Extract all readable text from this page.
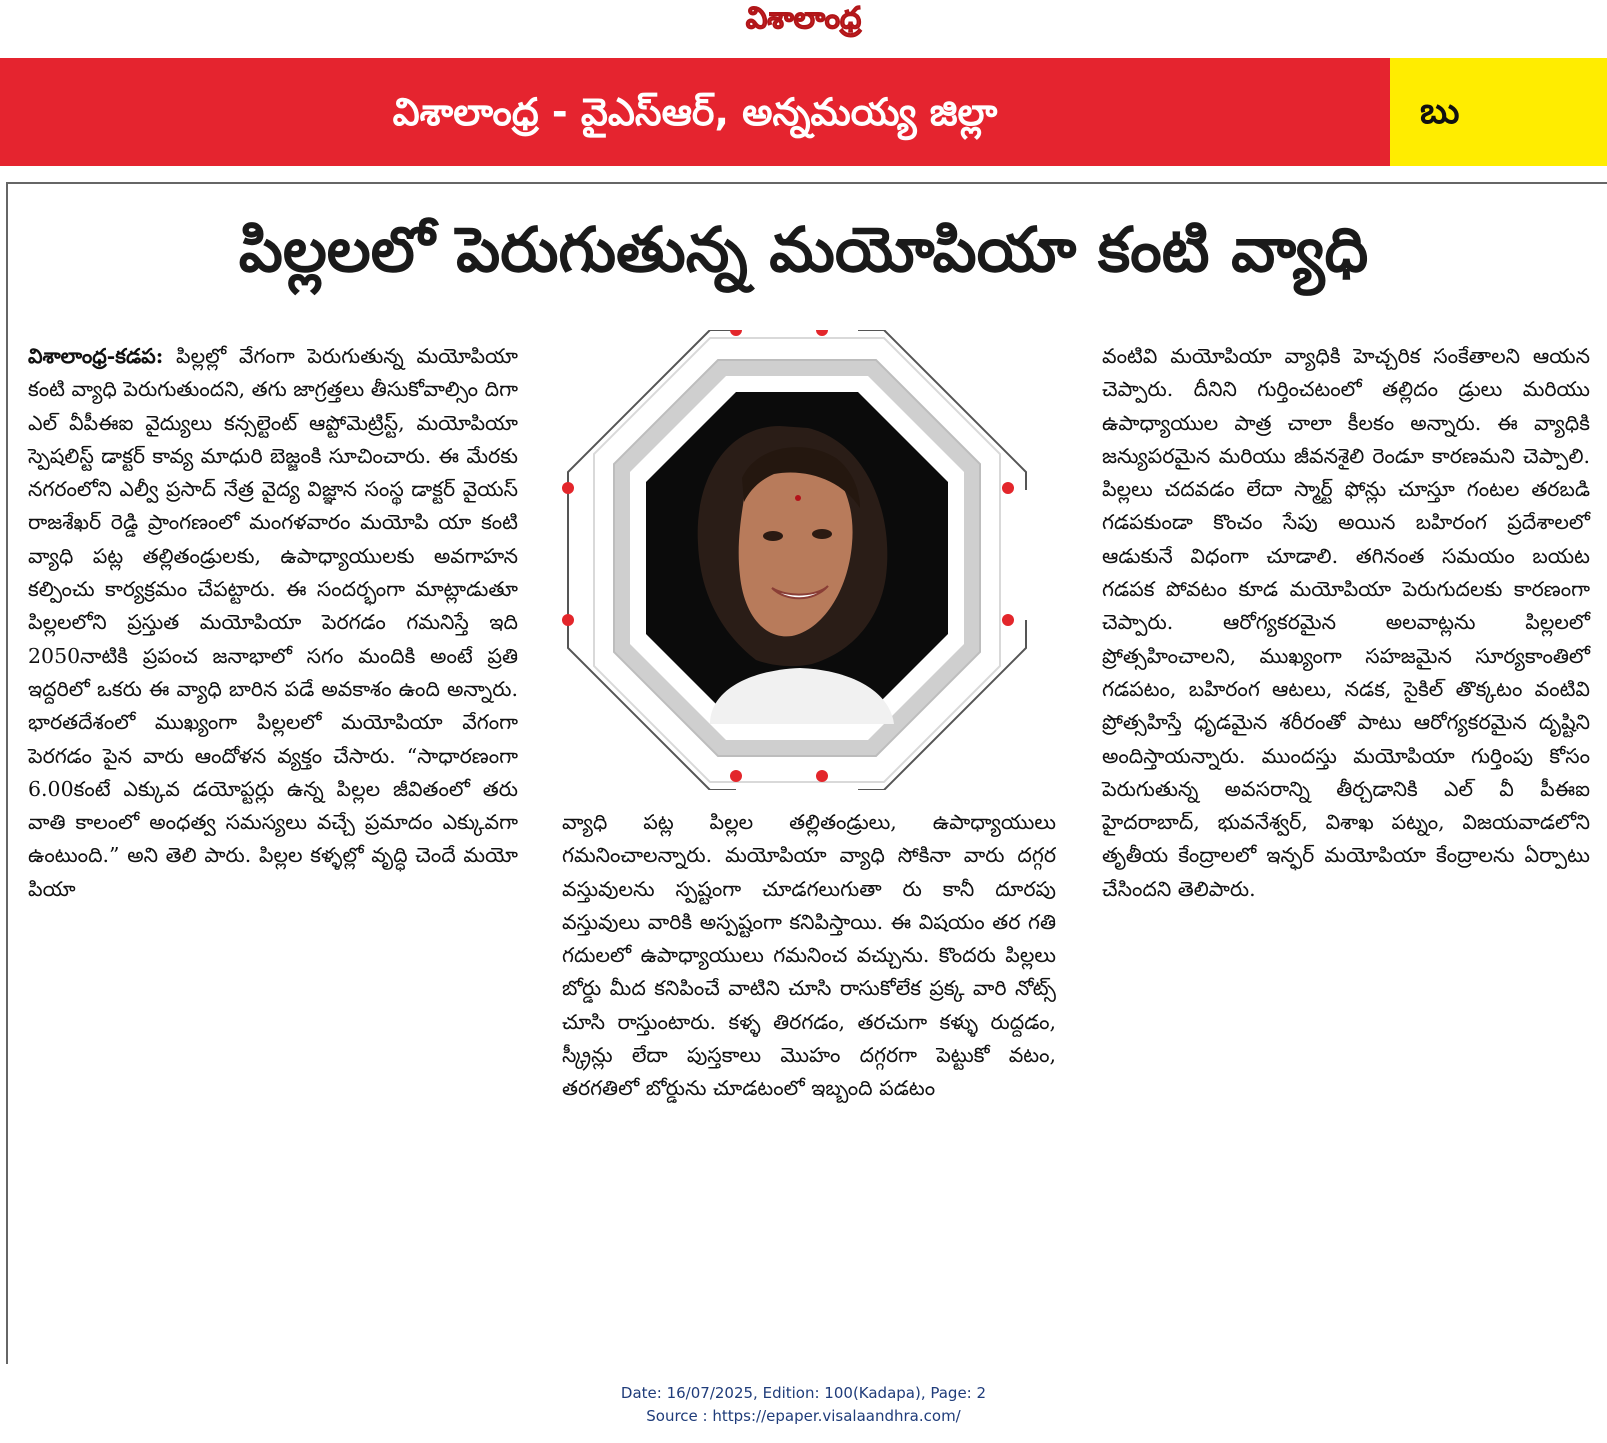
విశాలాంధ్ర
విశాలాంధ్ర - వైఎస్ఆర్, అన్నమయ్య జిల్లా	బు
పిల్లలలో పెరుగుతున్న మయోపియా కంటి వ్యాధి
విశాలాంధ్ర-కడప: పిల్లల్లో వేగంగా పెరుగుతున్న మయోపియా కంటి వ్యాధి పెరుగుతుందని, తగు జాగ్రత్తలు తీసుకోవాల్సిం దిగా ఎల్ వీపీఈఐ వైద్యులు కన్సల్టెంట్ ఆప్టోమెట్రిస్ట్, మయోపియా స్పెషలిస్ట్ డాక్టర్ కావ్య మాధురి బెజ్జంకి సూచించారు. ఈ మేరకు నగరంలోని ఎల్వీ ప్రసాద్ నేత్ర వైద్య విజ్ఞాన సంస్థ డాక్టర్ వైయస్ రాజశేఖర్ రెడ్డి ప్రాంగణంలో మంగళవారం మయోపి యా కంటి వ్యాధి పట్ల తల్లితండ్రులకు, ఉపాధ్యాయులకు అవగాహన కల్పించు కార్యక్రమం చేపట్టారు. ఈ సందర్భంగా మాట్లాడుతూ పిల్లలలోని ప్రస్తుత మయోపియా పెరగడం గమనిస్తే ఇది 2050నాటికి ప్రపంచ జనాభాలో సగం మందికి అంటే ప్రతి ఇద్దరిలో ఒకరు ఈ వ్యాధి బారిన పడే అవకాశం ఉంది అన్నారు. భారతదేశంలో ముఖ్యంగా పిల్లలలో మయోపియా వేగంగా పెరగడం పైన వారు ఆందోళన వ్యక్తం చేసారు. “సాధారణంగా 6.00కంటే ఎక్కువ డయోప్టర్లు ఉన్న పిల్లల జీవితంలో తరు వాతి కాలంలో అంధత్వ సమస్యలు వచ్చే ప్రమాదం ఎక్కువగా ఉంటుంది.” అని తెలి పారు. పిల్లల కళ్ళల్లో వృద్ధి చెందే మయో పియా
వ్యాధి పట్ల పిల్లల తల్లితండ్రులు, ఉపాధ్యాయులు గమనించాలన్నారు. మయోపియా వ్యాధి సోకినా వారు దగ్గర వస్తువులను స్పష్టంగా చూడగలుగుతా రు కానీ దూరపు వస్తువులు వారికి అస్పష్టంగా కనిపిస్తాయి. ఈ విషయం తర గతి గదులలో ఉపాధ్యాయులు గమనించ వచ్చును. కొందరు పిల్లలు బోర్డు మీద కనిపించే వాటిని చూసి రాసుకోలేక ప్రక్క వారి నోట్స్ చూసి రాస్తుంటారు. కళ్ళ తిరగడం, తరచుగా కళ్ళు రుద్దడం, స్క్రీన్లు లేదా పుస్తకాలు మొహం దగ్గరగా పెట్టుకో వటం, తరగతిలో బోర్డును చూడటంలో ఇబ్బంది పడటం
వంటివి మయోపియా వ్యాధికి హెచ్చరిక సంకేతాలని ఆయన చెప్పారు. దీనిని గుర్తించటంలో తల్లిదం డ్రులు మరియు ఉపాధ్యాయుల పాత్ర చాలా కీలకం అన్నారు. ఈ వ్యాధికి జన్యుపరమైన మరియు జీవనశైలి రెండూ కారణమని చెప్పాలి. పిల్లలు చదవడం లేదా స్మార్ట్ ఫోన్లు చూస్తూ గంటల తరబడి గడపకుండా కొంచం సేపు అయిన బహిరంగ ప్రదేశాలలో ఆడుకునే విధంగా చూడాలి. తగినంత సమయం బయట గడపక పోవటం కూడ మయోపియా పెరుగుదలకు కారణంగా చెప్పారు. ఆరోగ్యకరమైన అలవాట్లను పిల్లలలో ప్రోత్సహించాలని, ముఖ్యంగా సహజమైన సూర్యకాంతిలో గడపటం, బహిరంగ ఆటలు, నడక, సైకిల్ తొక్కటం వంటివి ప్రోత్సహిస్తే ధృడమైన శరీరంతో పాటు ఆరోగ్యకరమైన దృష్టిని అందిస్తాయన్నారు. ముందస్తు మయోపియా గుర్తింపు కోసం పెరుగుతున్న అవసరాన్ని తీర్చడానికి ఎల్ వీ పీఈఐ హైదరాబాద్, భువనేశ్వర్, విశాఖ పట్నం, విజయవాడలోని తృతీయ కేంద్రాలలో ఇన్ఫర్ మయోపియా కేంద్రాలను ఏర్పాటు చేసిందని తెలిపారు.
Date: 16/07/2025, Edition: 100(Kadapa), Page: 2
Source : https://epaper.visalaandhra.com/
